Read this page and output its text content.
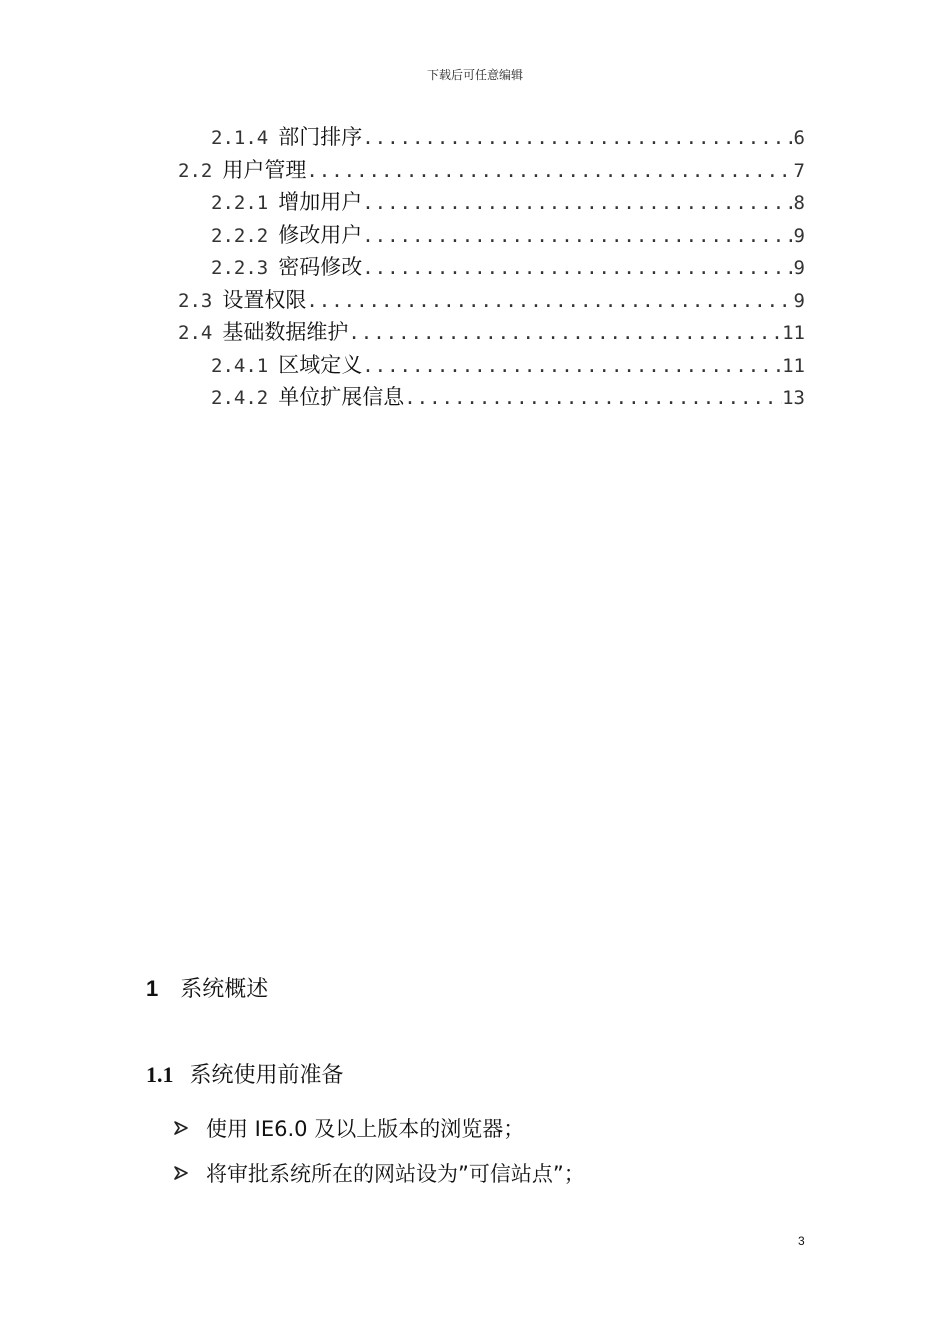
下载后可任意编辑
2.1.4 部门排序 .....	6
2.2 用户管理 .....	7
2.2.1 增加用户 .....	8
2.2.2 修改用户 .....	9
2.2.3 密码修改 .....	9
2.3 设置权限 .....	9
2.4 基础数据维护 .....	11
2.4.1 区域定义 .....	11
2.4.2 单位扩展信息 .....	13
1 系统概述
1.1 系统使用前准备
使用 IE6.0 及以上版本的浏览器；
将审批系统所在的网站设为”可信站点”；
3
